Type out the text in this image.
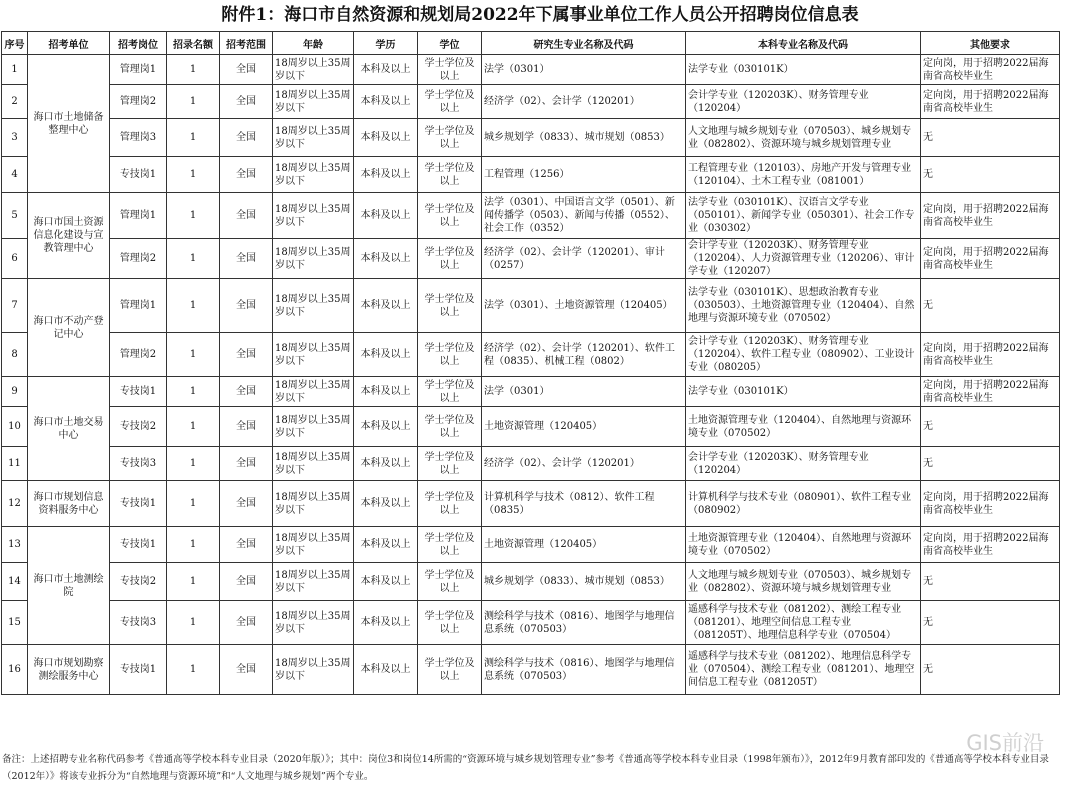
附件1：海口市自然资源和规划局2022年下属事业单位工作人员公开招聘岗位信息表
序号	招考单位	招考岗位	招录名额	招考范围	年龄	学历	学位	研究生专业名称及代码	本科专业名称及代码	其他要求
1	海口市土地储备整理中心	管理岗1	1	全国	18周岁以上35周岁以下	本科及以上	学士学位及以上	法学（0301）	法学专业（030101K）	定向岗，用于招聘2022届海南省高校毕业生
2		管理岗2	1	全国	18周岁以上35周岁以下	本科及以上	学士学位及以上	经济学（02）、会计学（120201）	会计学专业（120203K）、财务管理专业（120204）	定向岗，用于招聘2022届海南省高校毕业生
3		管理岗3	1	全国	18周岁以上35周岁以下	本科及以上	学士学位及以上	城乡规划学（0833）、城市规划（0853）	人文地理与城乡规划专业（070503）、城乡规划专业（082802）、资源环境与城乡规划管理专业	无
4		专技岗1	1	全国	18周岁以上35周岁以下	本科及以上	学士学位及以上	工程管理（1256）	工程管理专业（120103）、房地产开发与管理专业（120104）、土木工程专业（081001）	无
5	海口市国土资源信息化建设与宣教管理中心	管理岗1	1	全国	18周岁以上35周岁以下	本科及以上	学士学位及以上	法学（0301）、中国语言文学（0501）、新闻传播学（0503）、新闻与传播（0552）、社会工作（0352）	法学专业（030101K）、汉语言文学专业（050101）、新闻学专业（050301）、社会工作专业（030302）	定向岗，用于招聘2022届海南省高校毕业生
6		管理岗2	1	全国	18周岁以上35周岁以下	本科及以上	学士学位及以上	经济学（02）、会计学（120201）、审计（0257）	会计学专业（120203K）、财务管理专业（120204）、人力资源管理专业（120206）、审计学专业（120207）	定向岗，用于招聘2022届海南省高校毕业生
7	海口市不动产登记中心	管理岗1	1	全国	18周岁以上35周岁以下	本科及以上	学士学位及以上	法学（0301）、土地资源管理（120405）	法学专业（030101K）、思想政治教育专业（030503）、土地资源管理专业（120404）、自然地理与资源环境专业（070502）	无
8		管理岗2	1	全国	18周岁以上35周岁以下	本科及以上	学士学位及以上	经济学（02）、会计学（120201）、软件工程（0835）、机械工程（0802）	会计学专业（120203K）、财务管理专业（120204）、软件工程专业（080902）、工业设计专业（080205）	定向岗，用于招聘2022届海南省高校毕业生
9	海口市土地交易中心	专技岗1	1	全国	18周岁以上35周岁以下	本科及以上	学士学位及以上	法学（0301）	法学专业（030101K）	定向岗，用于招聘2022届海南省高校毕业生
10		专技岗2	1	全国	18周岁以上35周岁以下	本科及以上	学士学位及以上	土地资源管理（120405）	土地资源管理专业（120404）、自然地理与资源环境专业（070502）	无
11		专技岗3	1	全国	18周岁以上35周岁以下	本科及以上	学士学位及以上	经济学（02）、会计学（120201）	会计学专业（120203K）、财务管理专业（120204）	无
12	海口市规划信息资料服务中心	专技岗1	1	全国	18周岁以上35周岁以下	本科及以上	学士学位及以上	计算机科学与技术（0812）、软件工程（0835）	计算机科学与技术专业（080901）、软件工程专业（080902）	定向岗，用于招聘2022届海南省高校毕业生
13	海口市土地测绘院	专技岗1	1	全国	18周岁以上35周岁以下	本科及以上	学士学位及以上	土地资源管理（120405）	土地资源管理专业（120404）、自然地理与资源环境专业（070502）	定向岗，用于招聘2022届海南省高校毕业生
14		专技岗2	1	全国	18周岁以上35周岁以下	本科及以上	学士学位及以上	城乡规划学（0833）、城市规划（0853）	人文地理与城乡规划专业（070503）、城乡规划专业（082802）、资源环境与城乡规划管理专业	无
15		专技岗3	1	全国	18周岁以上35周岁以下	本科及以上	学士学位及以上	测绘科学与技术（0816）、地图学与地理信息系统（070503）	遥感科学与技术专业（081202）、测绘工程专业（081201）、地理空间信息工程专业（081205T）、地理信息科学专业（070504）	无
16	海口市规划勘察测绘服务中心	专技岗1	1	全国	18周岁以上35周岁以下	本科及以上	学士学位及以上	测绘科学与技术（0816）、地图学与地理信息系统（070503）	遥感科学与技术专业（081202）、地理信息科学专业（070504）、测绘工程专业（081201）、地理空间信息工程专业（081205T）	无
备注：上述招聘专业名称代码参考《普通高等学校本科专业目录（2020年版）》；其中：岗位3和岗位14所需的“资源环境与城乡规划管理专业”参考《普通高等学校本科专业目录（1998年颁布）》，2012年9月教育部印发的《普通高等学校本科专业目录（2012年）》将该专业拆分为“自然地理与资源环境”和“人文地理与城乡规划”两个专业。
GIS前沿
